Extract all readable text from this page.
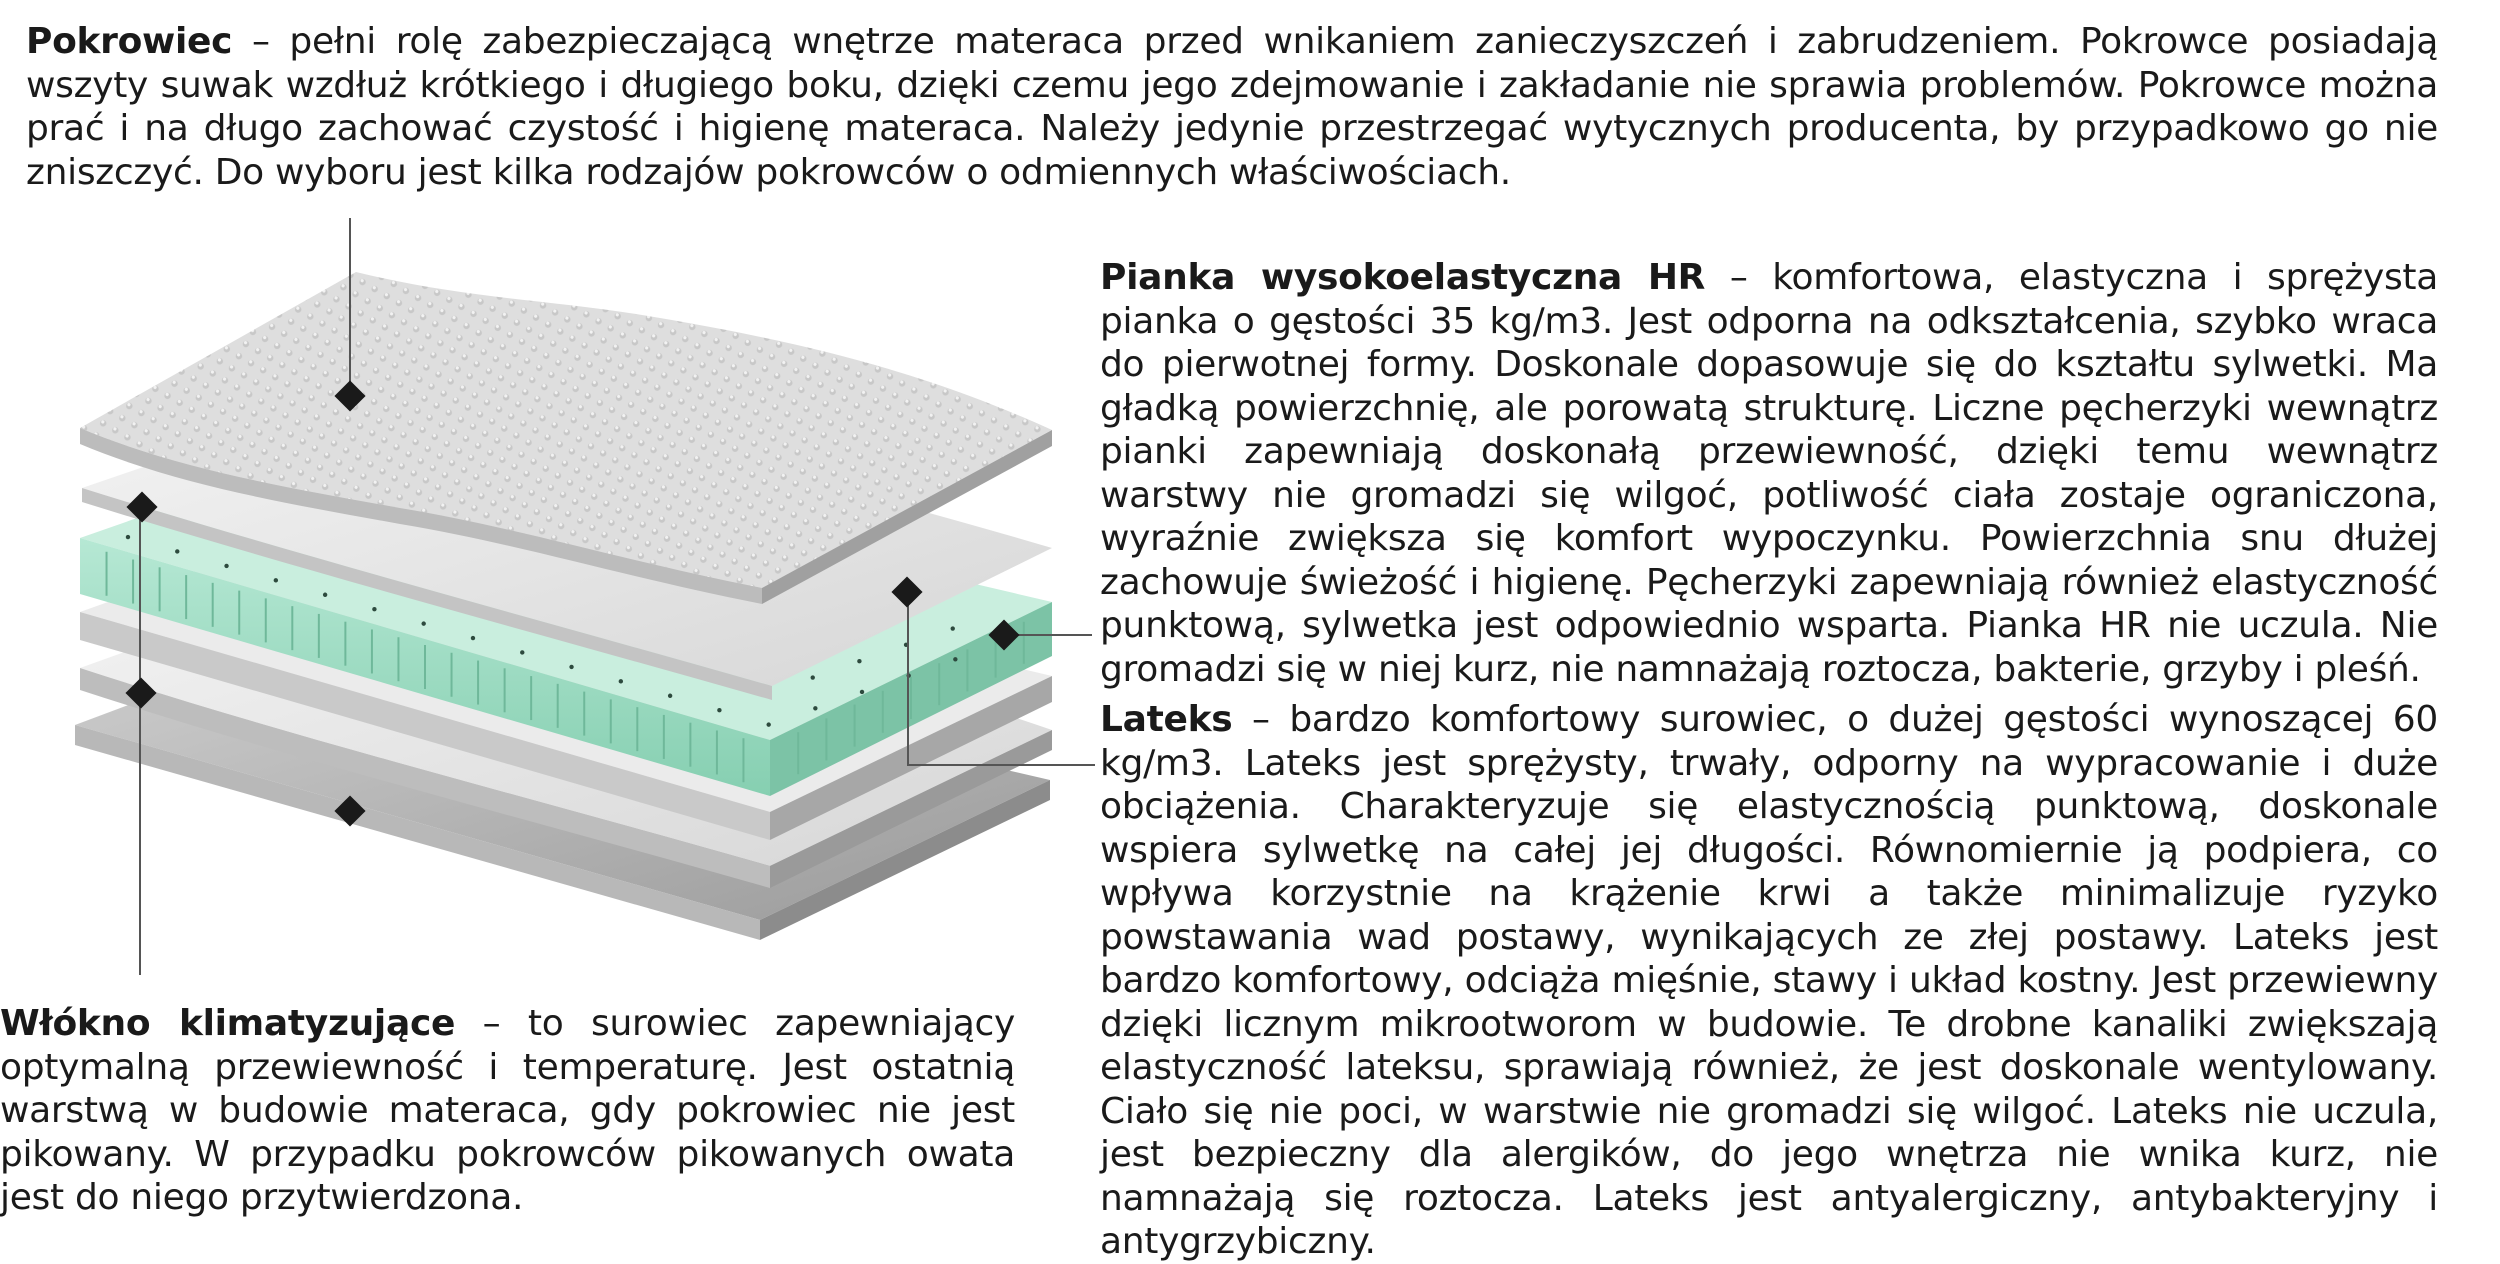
Pokrowiec – pełni rolę zabezpieczającą wnętrze materaca przed wnikaniem zanieczyszczeń i zabrudzeniem. Pokrowce posiadają wszyty suwak wzdłuż krótkiego i długiego boku, dzięki czemu jego zdejmowanie i zakładanie nie sprawia problemów. Pokrowce można prać i na długo zachować czystość i higienę materaca. Należy jedynie przestrzegać wytycznych producenta, by przypadkowo go nie zniszczyć. Do wyboru jest kilka rodzajów pokrowców o odmiennych właściwościach.

Pianka wysokoelastyczna HR – komfortowa, elastyczna i sprężysta pianka o gęstości 35 kg/m3. Jest odporna na odkształcenia, szybko wraca do pierwotnej formy. Doskonale dopasowuje się do kształtu sylwetki. Ma gładką powierzchnię, ale porowatą strukturę. Liczne pęcherzyki wewnątrz pianki zapewniają doskonałą przewiewność, dzięki temu wewnątrz warstwy nie gromadzi się wilgoć, potliwość ciała zostaje ograniczona, wyraźnie zwiększa się komfort wypoczynku. Powierzchnia snu dłużej zachowuje świeżość i higienę. Pęcherzyki zapewniają również elastyczność punktową, sylwetka jest odpowiednio wsparta. Pianka HR nie uczula. Nie gromadzi się w niej kurz, nie namnażają roztocza, bakterie, grzyby i pleśń.

Lateks – bardzo komfortowy surowiec, o dużej gęstości wynoszącej 60 kg/m3. Lateks jest sprężysty, trwały, odporny na wypracowanie i duże obciążenia. Charakteryzuje się elastycznością punktową, doskonale wspiera sylwetkę na całej jej długości. Równomiernie ją podpiera, co wpływa korzystnie na krążenie krwi a także minimalizuje ryzyko powstawania wad postawy, wynikających ze złej postawy. Lateks jest bardzo komfortowy, odciąża mięśnie, stawy i układ kostny. Jest przewiewny dzięki licznym mikrootworom w budowie. Te drobne kanaliki zwiększają elastyczność lateksu, sprawiają również, że jest doskonale wentylowany. Ciało się nie poci, w warstwie nie gromadzi się wilgoć. Lateks nie uczula, jest bezpieczny dla alergików, do jego wnętrza nie wnika kurz, nie namnażają się roztocza. Lateks jest antyalergiczny, antybakteryjny i antygrzybiczny.

Włókno klimatyzujące – to surowiec zapewniający optymalną przewiewność i temperaturę. Jest ostatnią warstwą w budowie materaca, gdy pokrowiec nie jest pikowany. W przypadku pokrowców pikowanych owata jest do niego przytwierdzona.
